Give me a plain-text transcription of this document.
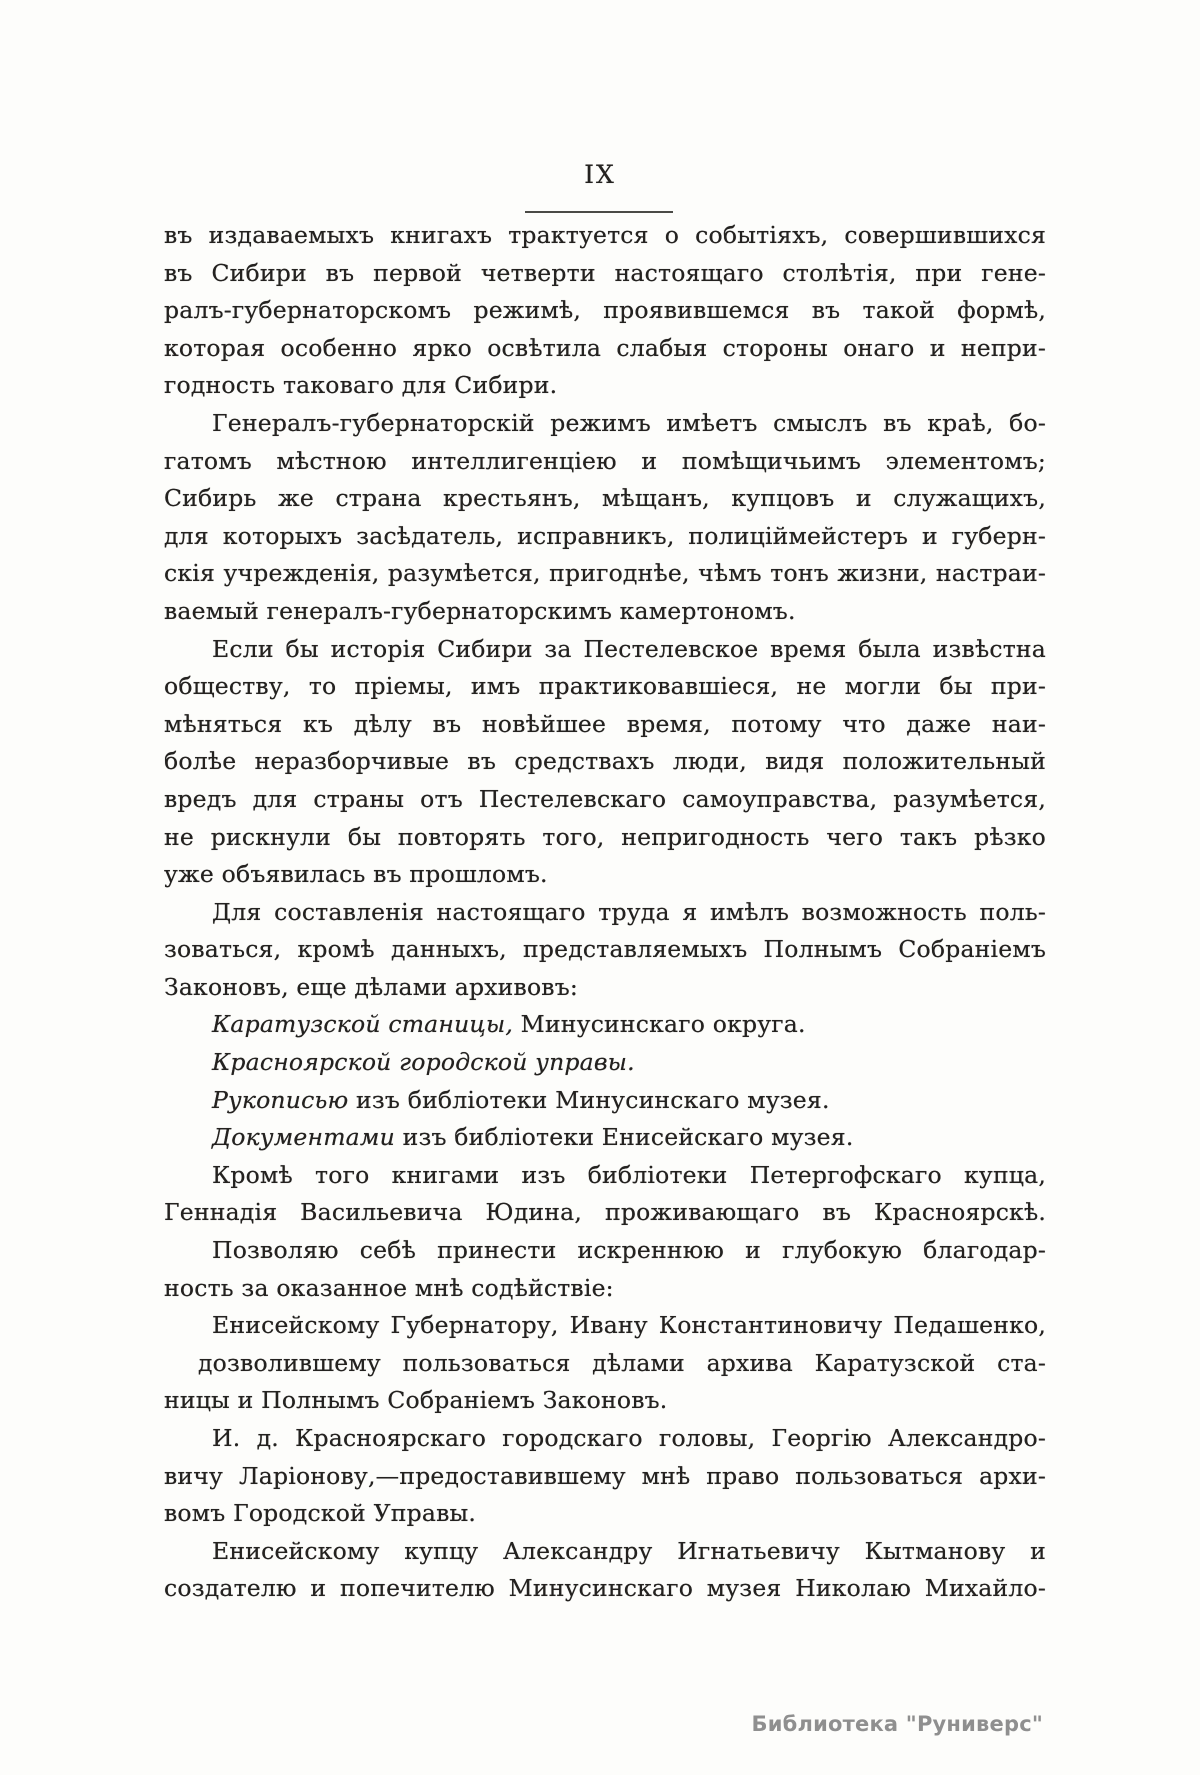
IX
въ издаваемыхъ книгахъ трактуется о событіяхъ, совершившихся
въ Сибири въ первой четверти настоящаго столѣтія, при гене-
ралъ-губернаторскомъ режимѣ, проявившемся въ такой формѣ,
которая особенно ярко освѣтила слабыя стороны онаго и непри-
годность таковаго для Сибири.
Генералъ-губернаторскій режимъ имѣетъ смыслъ въ краѣ, бо-
гатомъ мѣстною интеллигенціею и помѣщичьимъ элементомъ;
Сибирь же страна крестьянъ, мѣщанъ, купцовъ и служащихъ,
для которыхъ засѣдатель, исправникъ, полиціймейстеръ и губерн-
скія учрежденія, разумѣется, пригоднѣе, чѣмъ тонъ жизни, настраи-
ваемый генералъ-губернаторскимъ камертономъ.
Если бы исторія Сибири за Пестелевское время была извѣстна
обществу, то пріемы, имъ практиковавшіеся, не могли бы при-
мѣняться къ дѣлу въ новѣйшее время, потому что даже наи-
болѣе неразборчивые въ средствахъ люди, видя положительный
вредъ для страны отъ Пестелевскаго самоуправства, разумѣется,
не рискнули бы повторять того, непригодность чего такъ рѣзко
уже объявилась въ прошломъ.
Для составленія настоящаго труда я имѣлъ возможность поль-
зоваться, кромѣ данныхъ, представляемыхъ Полнымъ Собраніемъ
Законовъ, еще дѣлами архивовъ:
Каратузской станицы, Минусинскаго округа.
Красноярской городской управы.
Рукописью изъ библіотеки Минусинскаго музея.
Документами изъ библіотеки Енисейскаго музея.
Кромѣ того книгами изъ библіотеки Петергофскаго купца,
Геннадія Васильевича Юдина, проживающаго въ Красноярскѣ.
Позволяю себѣ принести искреннюю и глубокую благодар-
ность за оказанное мнѣ содѣйствіе:
Енисейскому Губернатору, Ивану Константиновичу Педашенко,
дозволившему пользоваться дѣлами архива Каратузской ста-
ницы и Полнымъ Собраніемъ Законовъ.
И. д. Красноярскаго городскаго головы, Георгію Александро-
вичу Ларіонову,—предоставившему мнѣ право пользоваться архи-
вомъ Городской Управы.
Енисейскому купцу Александру Игнатьевичу Кытманову и
создателю и попечителю Минусинскаго музея Николаю Михайло-
Библиотека "Руниверс"
